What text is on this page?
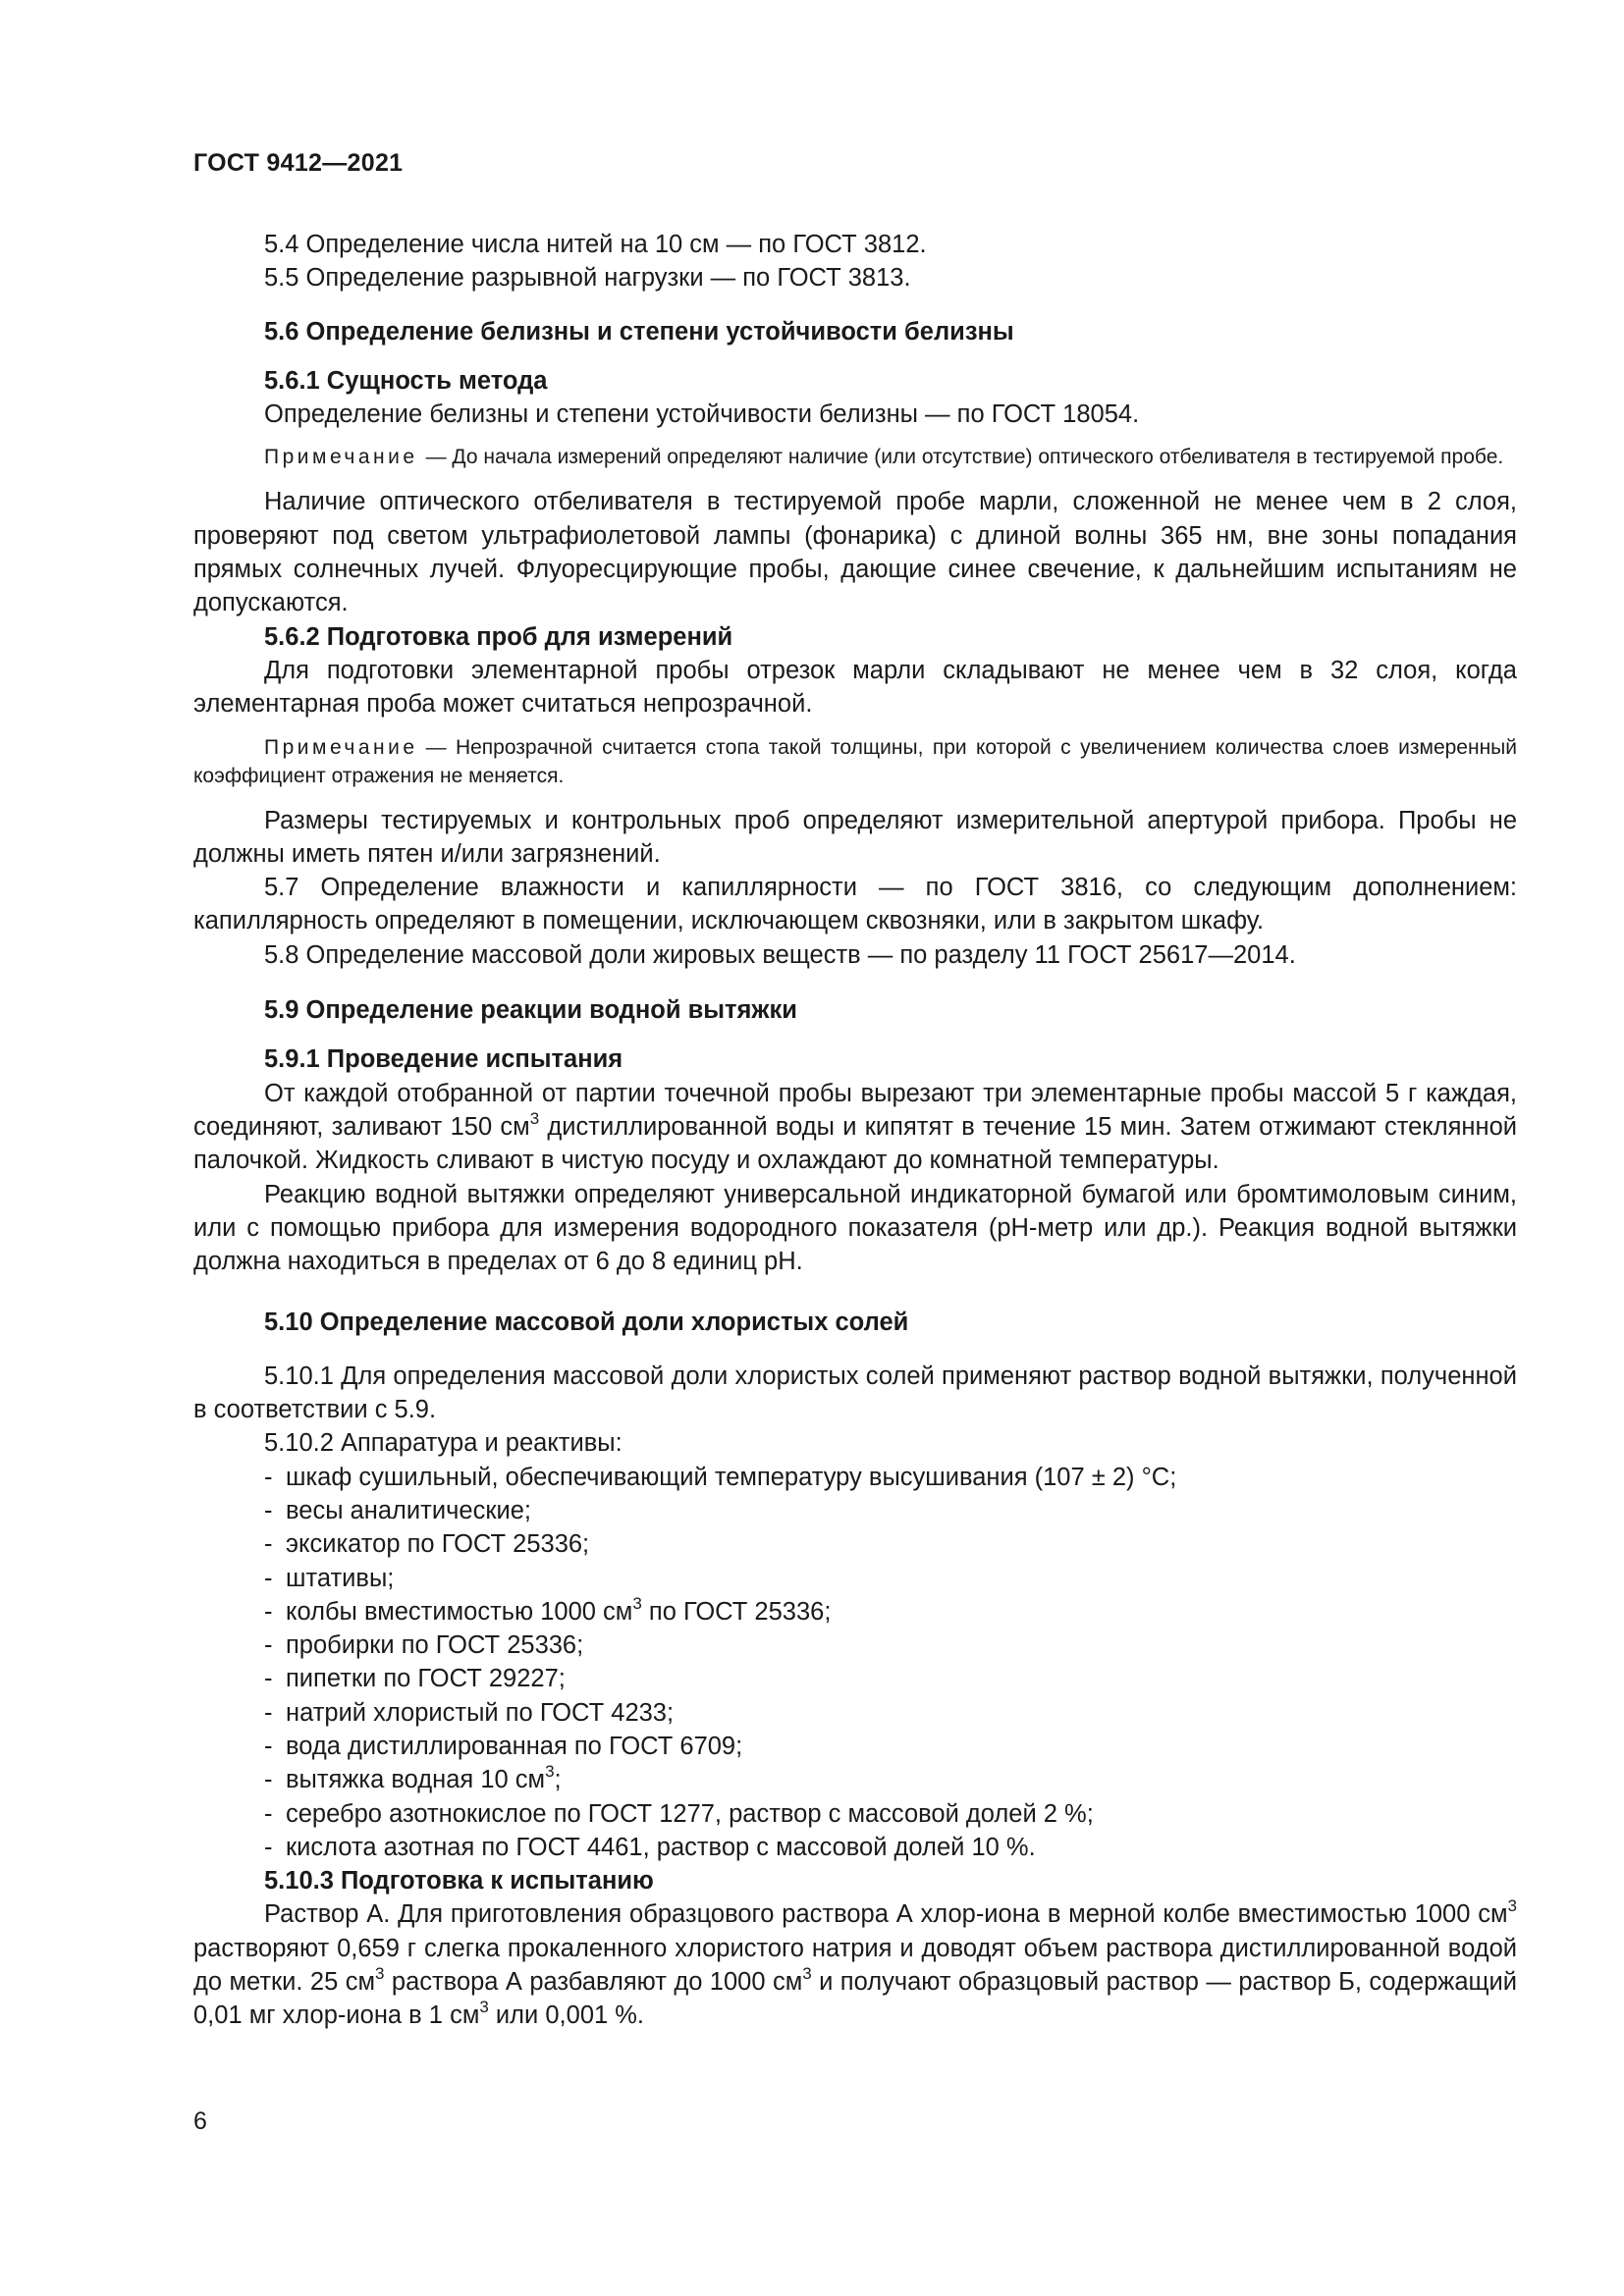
ГОСТ 9412—2021

5.4 Определение числа нитей на 10 см — по ГОСТ 3812.

5.5 Определение разрывной нагрузки — по ГОСТ 3813.

5.6 Определение белизны и степени устойчивости белизны

5.6.1 Сущность метода

Определение белизны и степени устойчивости белизны — по ГОСТ 18054.

Примечание — До начала измерений определяют наличие (или отсутствие) оптического отбеливателя в тестируемой пробе.

Наличие оптического отбеливателя в тестируемой пробе марли, сложенной не менее чем в 2 слоя, проверяют под светом ультрафиолетовой лампы (фонарика) с длиной волны 365 нм, вне зоны попадания прямых солнечных лучей. Флуоресцирующие пробы, дающие синее свечение, к дальнейшим испытаниям не допускаются.

5.6.2 Подготовка проб для измерений

Для подготовки элементарной пробы отрезок марли складывают не менее чем в 32 слоя, когда элементарная проба может считаться непрозрачной.

Примечание — Непрозрачной считается стопа такой толщины, при которой с увеличением количества слоев измеренный коэффициент отражения не меняется.

Размеры тестируемых и контрольных проб определяют измерительной апертурой прибора. Пробы не должны иметь пятен и/или загрязнений.

5.7 Определение влажности и капиллярности — по ГОСТ 3816, со следующим дополнением: капиллярность определяют в помещении, исключающем сквозняки, или в закрытом шкафу.

5.8 Определение массовой доли жировых веществ — по разделу 11 ГОСТ 25617—2014.

5.9 Определение реакции водной вытяжки

5.9.1 Проведение испытания

От каждой отобранной от партии точечной пробы вырезают три элементарные пробы массой 5 г каждая, соединяют, заливают 150 $см^3$ дистиллированной воды и кипятят в течение 15 мин. Затем отжимают стеклянной палочкой. Жидкость сливают в чистую посуду и охлаждают до комнатной температуры.

Реакцию водной вытяжки определяют универсальной индикаторной бумагой или бромтимоловым синим, или с помощью прибора для измерения водородного показателя (рН-метр или др.). Реакция водной вытяжки должна находиться в пределах от 6 до 8 единиц рН.

5.10 Определение массовой доли хлористых солей

5.10.1 Для определения массовой доли хлористых солей применяют раствор водной вытяжки, полученной в соответствии с 5.9.

5.10.2 Аппаратура и реактивы:

- шкаф сушильный, обеспечивающий температуру высушивания (107 ± 2) °С;

- весы аналитические;

- эксикатор по ГОСТ 25336;

- штативы;

- колбы вместимостью 1000 $см^3$ по ГОСТ 25336;

- пробирки по ГОСТ 25336;

- пипетки по ГОСТ 29227;

- натрий хлористый по ГОСТ 4233;

- вода дистиллированная по ГОСТ 6709;

- вытяжка водная 10 $см^3$;

- серебро азотнокислое по ГОСТ 1277, раствор с массовой долей 2 %;

- кислота азотная по ГОСТ 4461, раствор с массовой долей 10 %.

5.10.3 Подготовка к испытанию

Раствор А. Для приготовления образцового раствора А хлор-иона в мерной колбе вместимостью 1000 $см^3$ растворяют 0,659 г слегка прокаленного хлористого натрия и доводят объем раствора дистиллированной водой до метки. 25 $см^3$ раствора А разбавляют до 1000 $см^3$ и получают образцовый раствор — раствор Б, содержащий 0,01 мг хлор-иона в 1 $см^3$ или 0,001 %.

6
